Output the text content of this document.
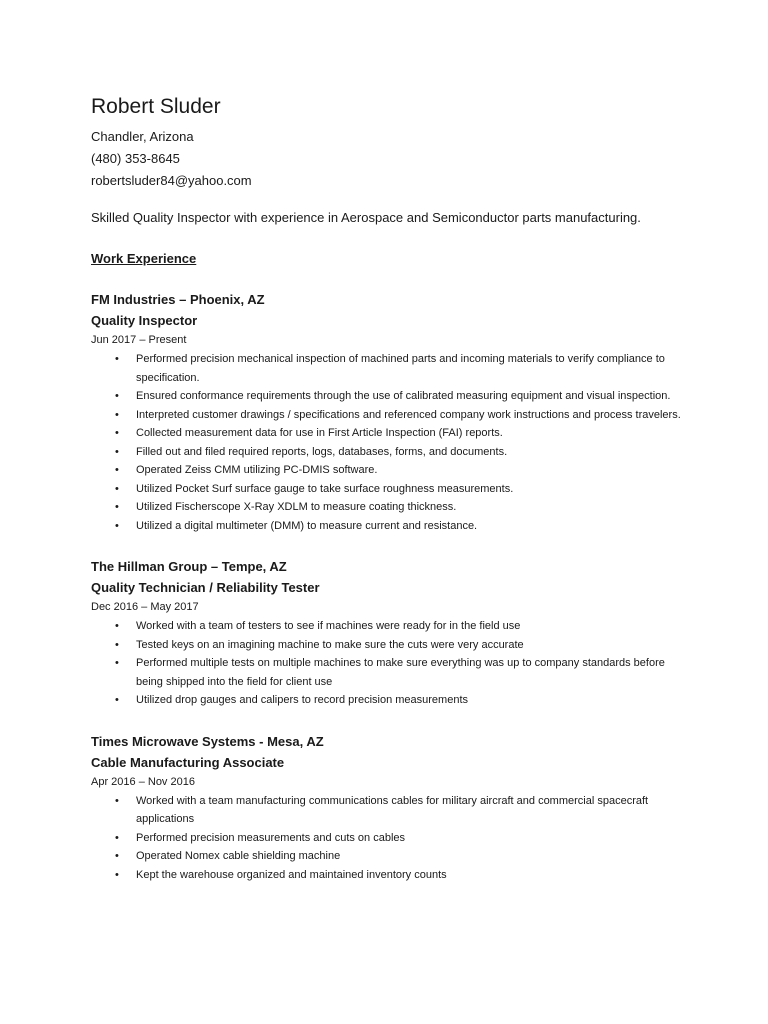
Robert Sluder

Chandler, Arizona

(480) 353-8645

robertsluder84@yahoo.com

Skilled Quality Inspector with experience in Aerospace and Semiconductor parts manufacturing.

Work Experience

FM Industries – Phoenix, AZ

Quality Inspector

Jun 2017 – Present

• Performed precision mechanical inspection of machined parts and incoming materials to verify compliance to specification.
• Ensured conformance requirements through the use of calibrated measuring equipment and visual inspection.
• Interpreted customer drawings / specifications and referenced company work instructions and process travelers.
• Collected measurement data for use in First Article Inspection (FAI) reports.
• Filled out and filed required reports, logs, databases, forms, and documents.
• Operated Zeiss CMM utilizing PC-DMIS software.
• Utilized Pocket Surf surface gauge to take surface roughness measurements.
• Utilized Fischerscope X-Ray XDLM to measure coating thickness.
• Utilized a digital multimeter (DMM) to measure current and resistance.

The Hillman Group – Tempe, AZ

Quality Technician / Reliability Tester

Dec 2016 – May 2017

• Worked with a team of testers to see if machines were ready for in the field use
• Tested keys on an imagining machine to make sure the cuts were very accurate
• Performed multiple tests on multiple machines to make sure everything was up to company standards before being shipped into the field for client use
• Utilized drop gauges and calipers to record precision measurements

Times Microwave Systems - Mesa, AZ

Cable Manufacturing Associate

Apr 2016 – Nov 2016

• Worked with a team manufacturing communications cables for military aircraft and commercial spacecraft applications
• Performed precision measurements and cuts on cables
• Operated Nomex cable shielding machine
• Kept the warehouse organized and maintained inventory counts
